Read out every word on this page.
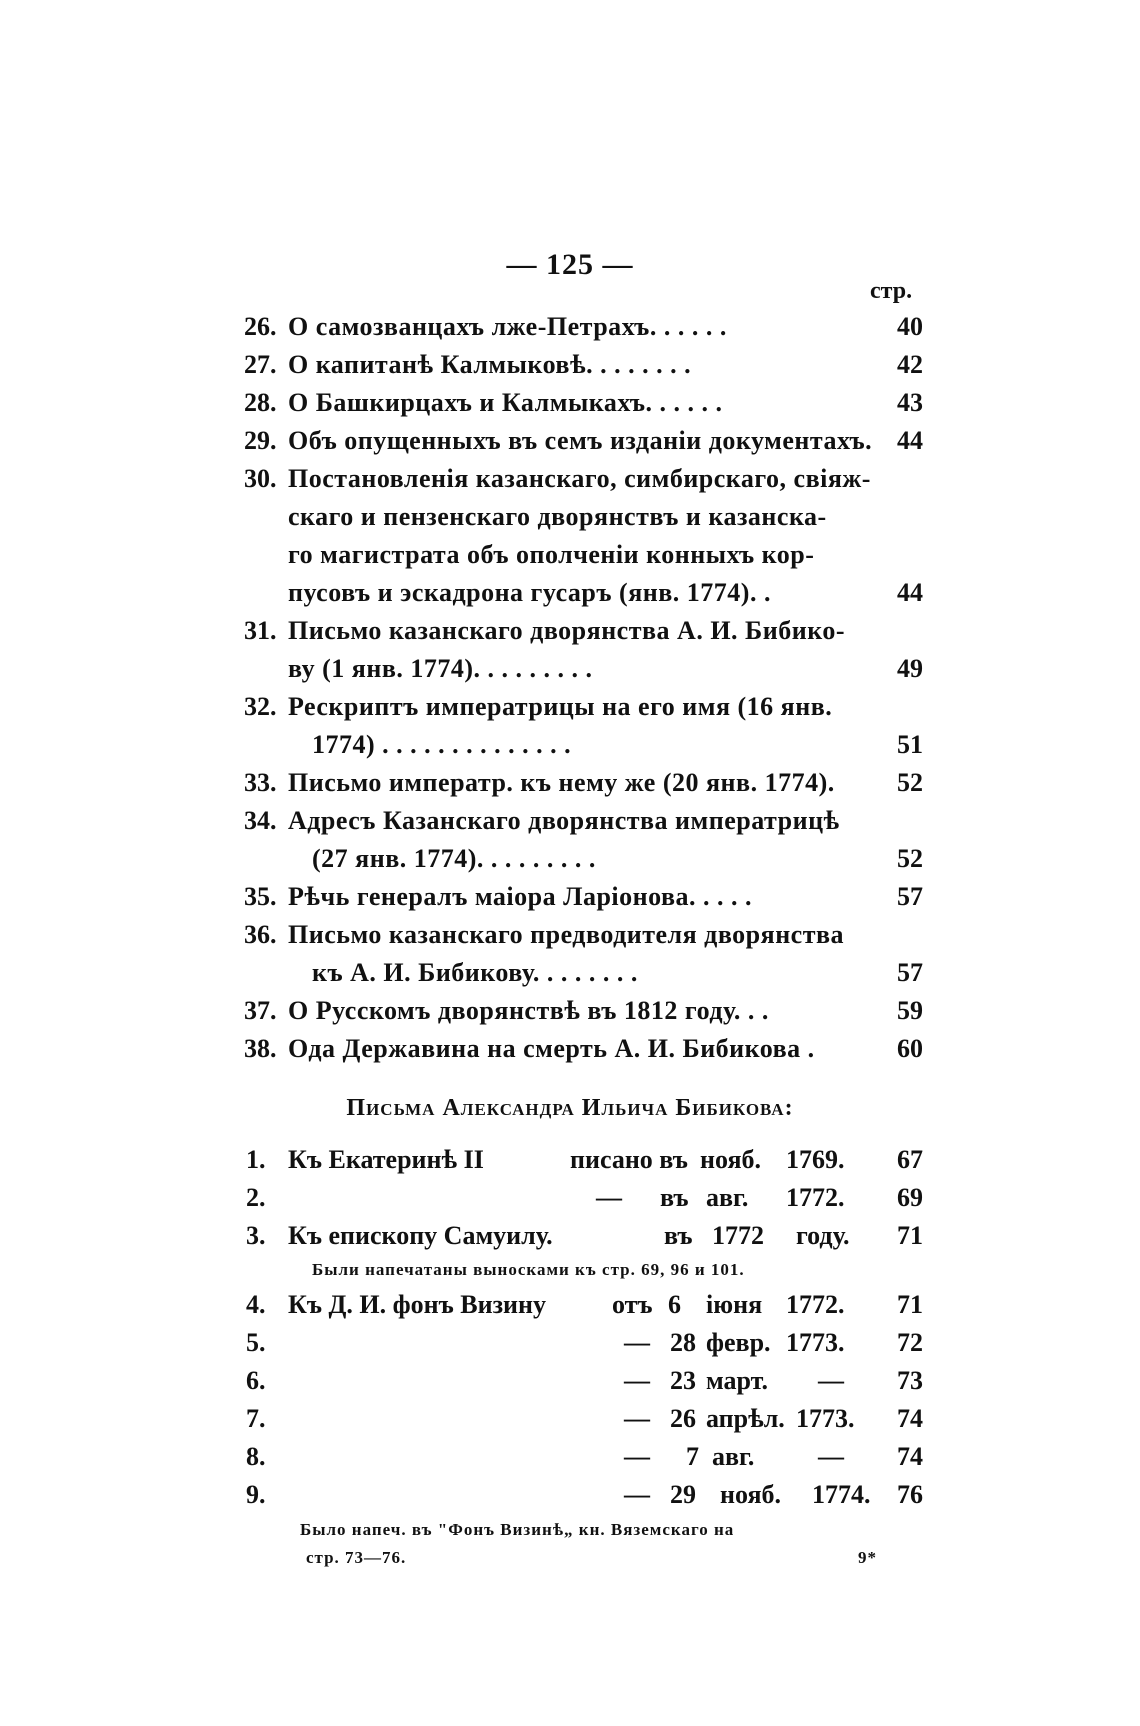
— 125 —
стр.
26. О самозванцахъ лже-Петрахъ. . . . . .	40
27. О капитанѣ Калмыковѣ. . . . . . . .	42
28. О Башкирцахъ и Калмыкахъ. . . . . .	43
29. Объ опущенныхъ въ семъ изданіи документахъ. 44
30. Постановленія казанскаго, симбирскаго, свіяж-
скаго и пензенскаго дворянствъ и казанска-
го магистрата объ ополченіи конныхъ кор-
пусовъ и эскадрона гусаръ (янв. 1774). .	44
31. Письмо казанскаго дворянства А. И. Бибико-
ву (1 янв. 1774). . . . . . . . .	49
32. Рескриптъ императрицы на его имя (16 янв.
1774) . . . . . . . . . . . . . .	51
33. Письмо императр. къ нему же (20 янв. 1774).	52
34. Адресъ Казанскаго дворянства императрицѣ
(27 янв. 1774). . . . . . . . .	52
35. Рѣчь генералъ маіора Ларіонова. . . . .	57
36. Письмо казанскаго предводителя дворянства
къ А. И. Бибикову. . . . . . . .	57
37. О Русскомъ дворянствѣ въ 1812 году. . .	59
38. Ода Державина на смерть А. И. Бибикова .	60
Письма Александра Ильича Бибикова:
1. Къ Екатеринѣ II	писано въ нояб. 1769.	67
2.	— въ авг. 1772.	69
3. Къ епископу Самуилу.	въ 1772 году.	71
Были напечатаны выносками къ стр. 69, 96 и 101.
4. Къ Д. И. фонъ Визину	отъ 6 іюня 1772.	71
5.	— 28 февр. 1773.	72
6.	— 23 март. —	73
7.	— 26 апрѣл. 1773.	74
8.	— 7 авг. —	74
9.	— 29 нояб. 1774.	76
Было напеч. въ "Фонъ Визинѣ„ кн. Вяземскаго на
стр. 73—76.	9*
